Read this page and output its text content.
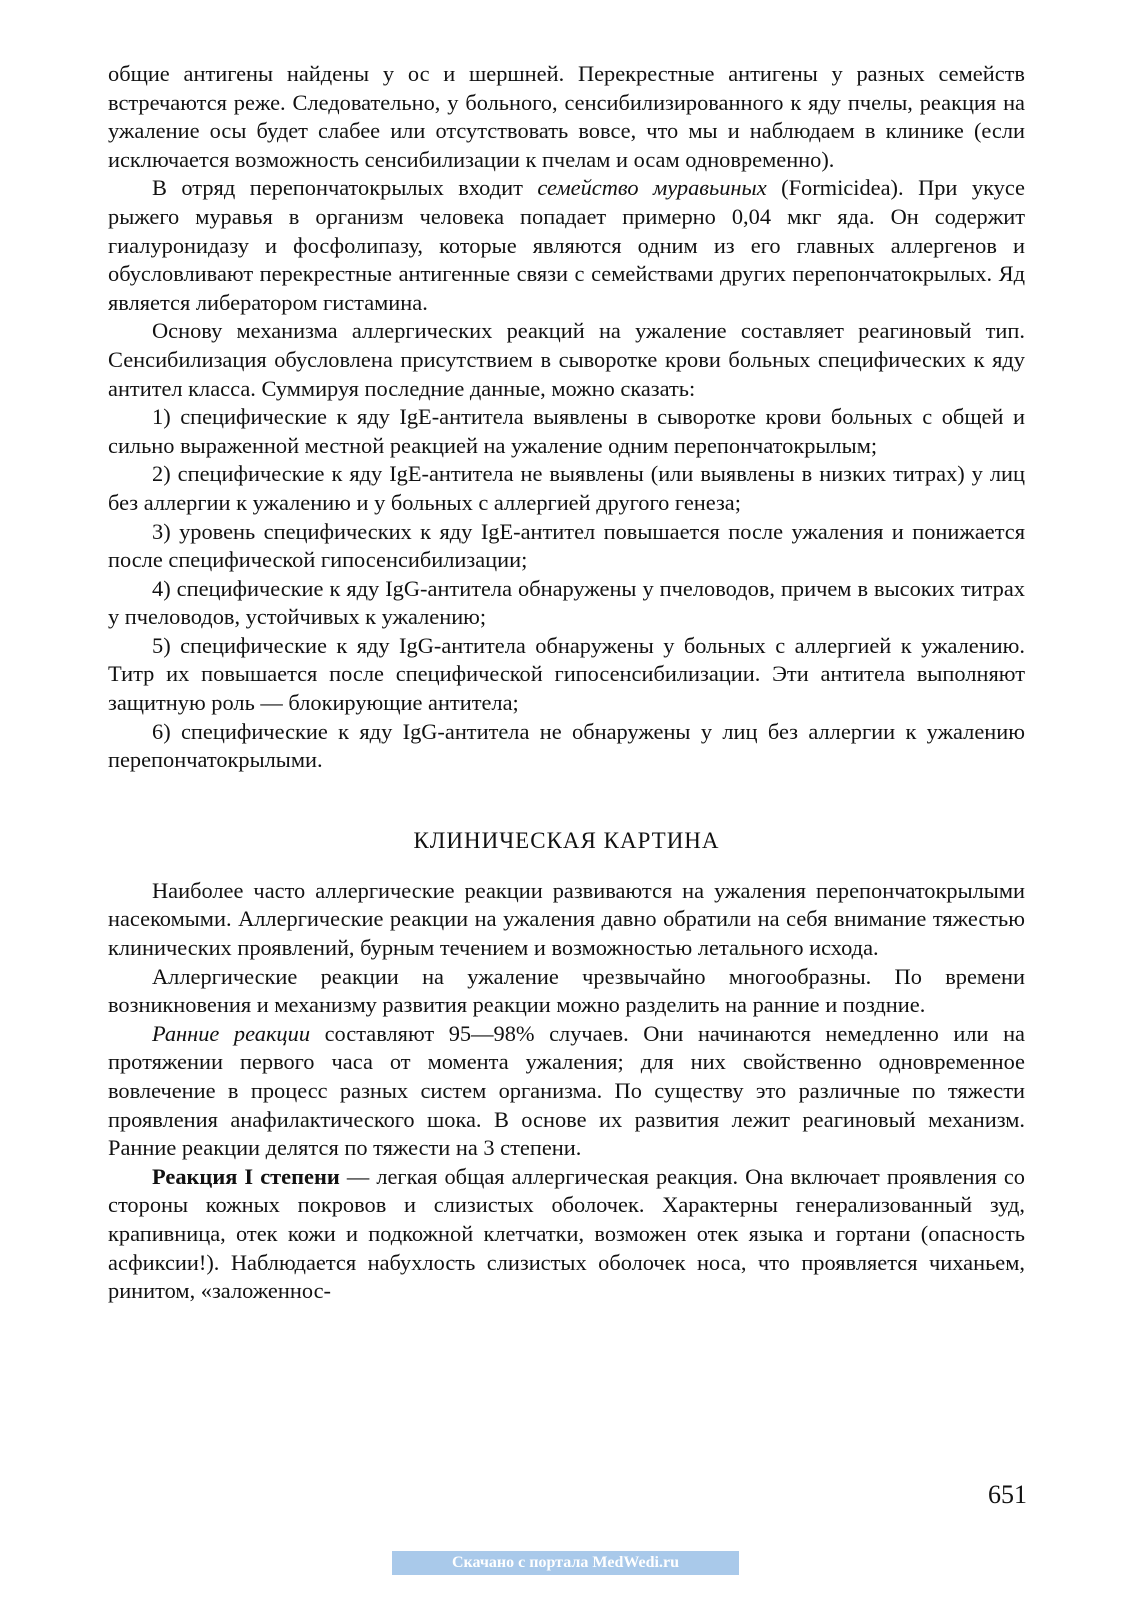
общие антигены найдены у ос и шершней. Перекрестные антигены у разных семейств встречаются реже. Следовательно, у больного, сенсибилизированного к яду пчелы, реакция на ужаление осы будет слабее или отсутствовать вовсе, что мы и наблюдаем в клинике (если исключается возможность сенсибилизации к пчелам и осам одновременно).

В отряд перепончатокрылых входит семейство муравьиных (Formicidea). При укусе рыжего муравья в организм человека попадает примерно 0,04 мкг яда. Он содержит гиалуронидазу и фосфолипазу, которые являются одним из его главных аллергенов и обусловливают перекрестные антигенные связи с семействами других перепончатокрылых. Яд является либератором гистамина.

Основу механизма аллергических реакций на ужаление составляет реагиновый тип. Сенсибилизация обусловлена присутствием в сыворотке крови больных специфических к яду антител класса. Суммируя последние данные, можно сказать:

1) специфические к яду IgE-антитела выявлены в сыворотке крови больных с общей и сильно выраженной местной реакцией на ужаление одним перепончатокрылым;

2) специфические к яду IgE-антитела не выявлены (или выявлены в низких титрах) у лиц без аллергии к ужалению и у больных с аллергией другого генеза;

3) уровень специфических к яду IgE-антител повышается после ужаления и понижается после специфической гипосенсибилизации;

4) специфические к яду IgG-антитела обнаружены у пчеловодов, причем в высоких титрах у пчеловодов, устойчивых к ужалению;

5) специфические к яду IgG-антитела обнаружены у больных с аллергией к ужалению. Титр их повышается после специфической гипосенсибилизации. Эти антитела выполняют защитную роль — блокирующие антитела;

6) специфические к яду IgG-антитела не обнаружены у лиц без аллергии к ужалению перепончатокрылыми.

КЛИНИЧЕСКАЯ КАРТИНА

Наиболее часто аллергические реакции развиваются на ужаления перепончатокрылыми насекомыми. Аллергические реакции на ужаления давно обратили на себя внимание тяжестью клинических проявлений, бурным течением и возможностью летального исхода.

Аллергические реакции на ужаление чрезвычайно многообразны. По времени возникновения и механизму развития реакции можно разделить на ранние и поздние.

Ранние реакции составляют 95—98% случаев. Они начинаются немедленно или на протяжении первого часа от момента ужаления; для них свойственно одновременное вовлечение в процесс разных систем организма. По существу это различные по тяжести проявления анафилактического шока. В основе их развития лежит реагиновый механизм. Ранние реакции делятся по тяжести на 3 степени.

Реакция I степени — легкая общая аллергическая реакция. Она включает проявления со стороны кожных покровов и слизистых оболочек. Характерны генерализованный зуд, крапивница, отек кожи и подкожной клетчатки, возможен отек языка и гортани (опасность асфиксии!). Наблюдается набухлость слизистых оболочек носа, что проявляется чиханьем, ринитом, «заложеннос-

651
Скачано с портала MedWedi.ru
